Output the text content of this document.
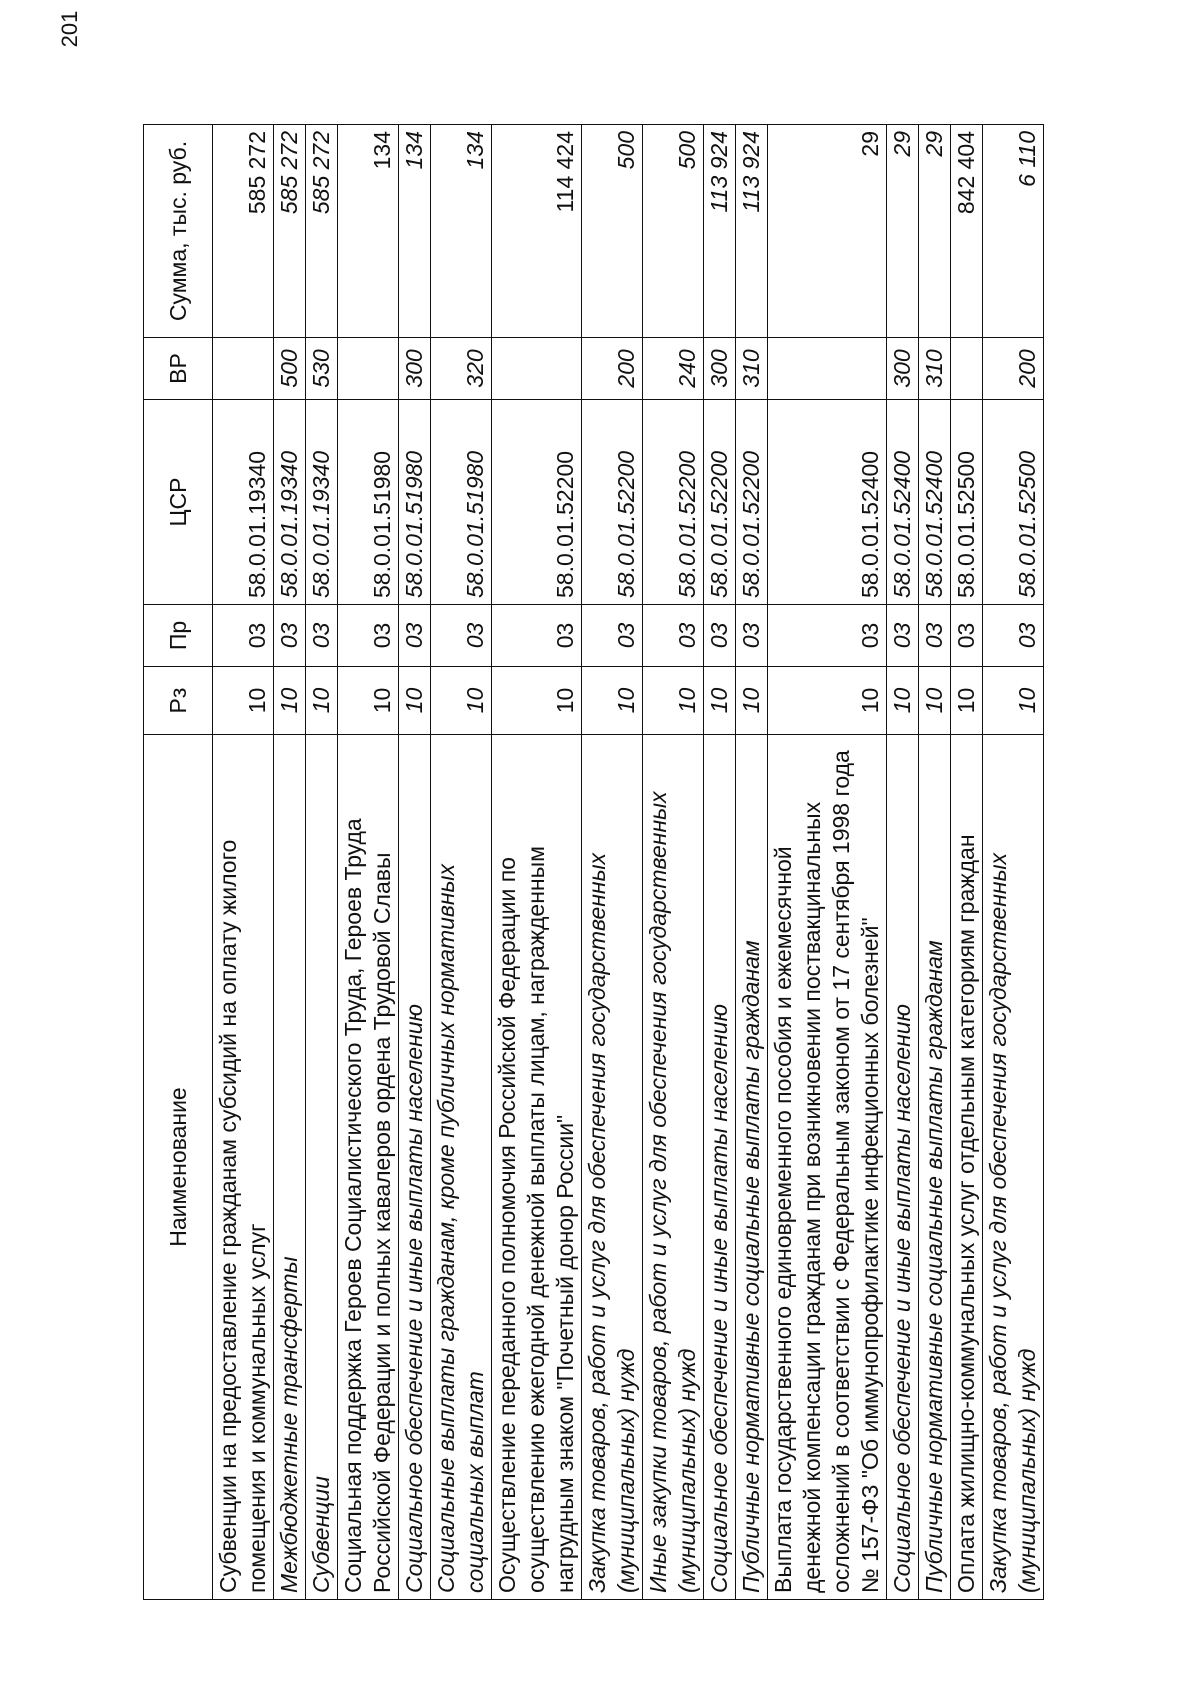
201
Наименование	Рз	Пр	ЦСР	ВР	Сумма, тыс. руб.
Субвенции на предоставление гражданам субсидий на оплату жилого помещения и коммунальных услуг	10	03	58.0.01.19340		585 272
Межбюджетные трансферты	10	03	58.0.01.19340	500	585 272
Субвенции	10	03	58.0.01.19340	530	585 272
Социальная поддержка Героев Социалистического Труда, Героев Труда Российской Федерации и полных кавалеров ордена Трудовой Славы	10	03	58.0.01.51980		134
Социальное обеспечение и иные выплаты населению	10	03	58.0.01.51980	300	134
Социальные выплаты гражданам, кроме публичных нормативных социальных выплат	10	03	58.0.01.51980	320	134
Осуществление переданного полномочия Российской Федерации по осуществлению ежегодной денежной выплаты лицам, награжденным нагрудным знаком "Почетный донор России"	10	03	58.0.01.52200		114 424
Закупка товаров, работ и услуг для обеспечения государственных (муниципальных) нужд	10	03	58.0.01.52200	200	500
Иные закупки товаров, работ и услуг для обеспечения государственных (муниципальных) нужд	10	03	58.0.01.52200	240	500
Социальное обеспечение и иные выплаты населению	10	03	58.0.01.52200	300	113 924
Публичные нормативные социальные выплаты гражданам	10	03	58.0.01.52200	310	113 924
Выплата государственного единовременного пособия и ежемесячной денежной компенсации гражданам при возникновении поствакцинальных осложнений в соответствии с Федеральным законом от 17 сентября 1998 года № 157-ФЗ "Об иммунопрофилактике инфекционных болезней"	10	03	58.0.01.52400		29
Социальное обеспечение и иные выплаты населению	10	03	58.0.01.52400	300	29
Публичные нормативные социальные выплаты гражданам	10	03	58.0.01.52400	310	29
Оплата жилищно-коммунальных услуг отдельным категориям граждан	10	03	58.0.01.52500		842 404
Закупка товаров, работ и услуг для обеспечения государственных (муниципальных) нужд	10	03	58.0.01.52500	200	6 110
